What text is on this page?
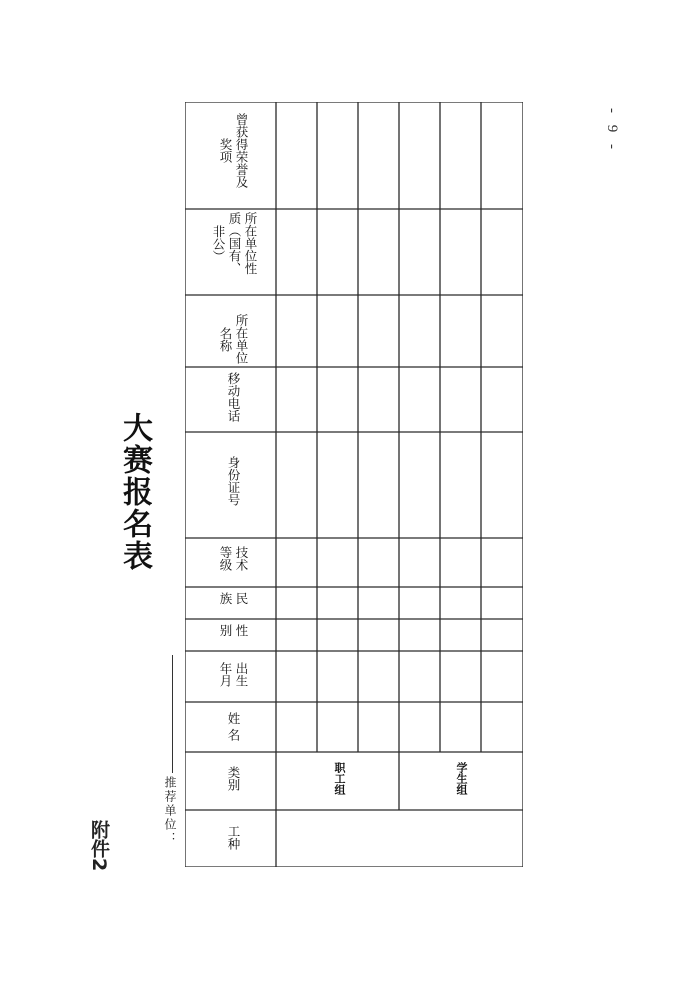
- 9 -
附件2
大赛报名表
推荐单位：
曾获得荣誉及
奖项
所在单位性
质（国有、
非公）
所在单位
名称
移动电话
身份证号
技术
等级
民
族
性
别
出生
年月
姓 名
类别
工种
职工组	学生组
